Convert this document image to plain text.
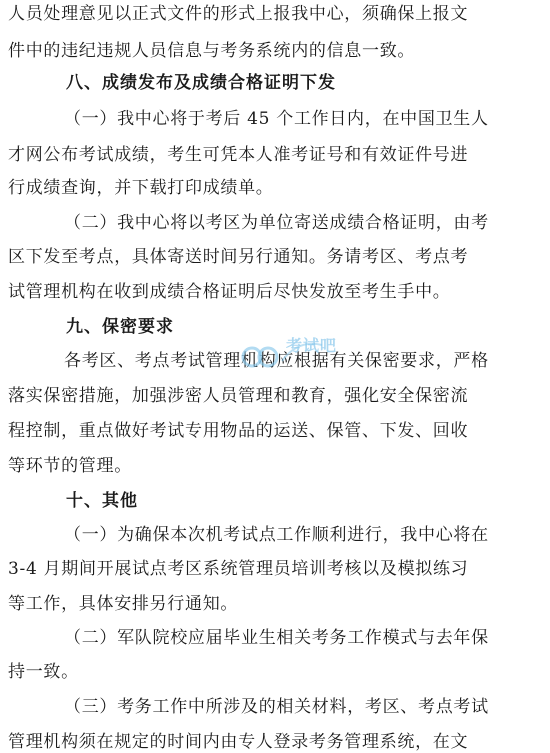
人员处理意见以正式文件的形式上报我中心，须确保上报文
件中的违纪违规人员信息与考务系统内的信息一致。
八、成绩发布及成绩合格证明下发
（一）我中心将于考后 45 个工作日内，在中国卫生人
才网公布考试成绩，考生可凭本人准考证号和有效证件号进
行成绩查询，并下载打印成绩单。
（二）我中心将以考区为单位寄送成绩合格证明，由考
区下发至考点，具体寄送时间另行通知。务请考区、考点考
试管理机构在收到成绩合格证明后尽快发放至考生手中。
九、保密要求
各考区、考点考试管理机构应根据有关保密要求，严格
落实保密措施，加强涉密人员管理和教育，强化安全保密流
程控制，重点做好考试专用物品的运送、保管、下发、回收
等环节的管理。
十、其他
（一）为确保本次机考试点工作顺利进行，我中心将在
3-4 月期间开展试点考区系统管理员培训考核以及模拟练习
等工作，具体安排另行通知。
（二）军队院校应届毕业生相关考务工作模式与去年保
持一致。
（三）考务工作中所涉及的相关材料，考区、考点考试
管理机构须在规定的时间内由专人登录考务管理系统，在文
考试吧
